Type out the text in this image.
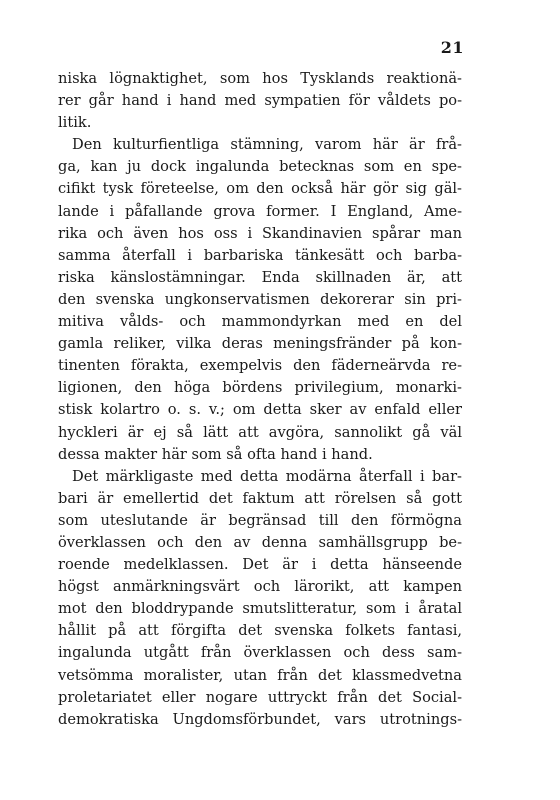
21
niska lögnaktighet, som hos Tysklands reaktionä-
rer går hand i hand med sympatien för våldets po-
litik.
Den kulturfientliga stämning, varom här är frå-
ga, kan ju dock ingalunda betecknas som en spe-
cifikt tysk företeelse, om den också här gör sig gäl-
lande i påfallande grova former. I England, Ame-
rika och även hos oss i Skandinavien spårar man
samma återfall i barbariska tänkesätt och barba-
riska känslostämningar. Enda skillnaden är, att
den svenska ungkonservatismen dekorerar sin pri-
mitiva vålds- och mammondyrkan med en del
gamla reliker, vilka deras meningsfränder på kon-
tinenten förakta, exempelvis den fäderneärvda re-
ligionen, den höga bördens privilegium, monarki-
stisk kolartro o. s. v.; om detta sker av enfald eller
hyckleri är ej så lätt att avgöra, sannolikt gå väl
dessa makter här som så ofta hand i hand.
Det märkligaste med detta modärna återfall i bar-
bari är emellertid det faktum att rörelsen så gott
som uteslutande är begränsad till den förmögna
överklassen och den av denna samhällsgrupp be-
roende medelklassen. Det är i detta hänseende
högst anmärkningsvärt och lärorikt, att kampen
mot den bloddrypande smutslitteratur, som i åratal
hållit på att förgifta det svenska folkets fantasi,
ingalunda utgått från överklassen och dess sam-
vetsömma moralister, utan från det klassmedvetna
proletariatet eller nogare uttryckt från det Social-
demokratiska Ungdomsförbundet, vars utrotnings-
